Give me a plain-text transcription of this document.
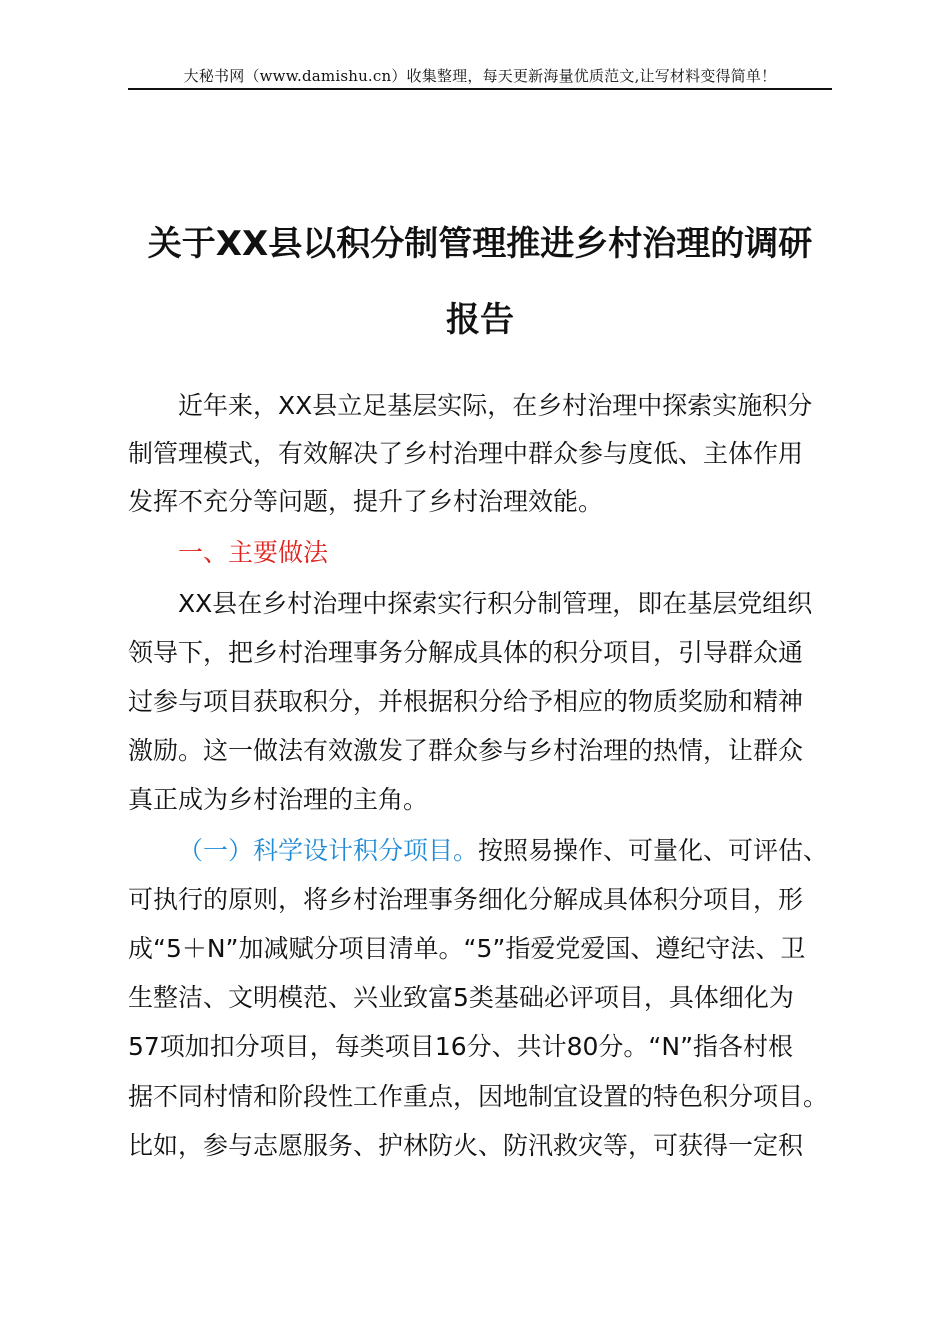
大秘书网（www.damishu.cn）收集整理，每天更新海量优质范文,让写材料变得简单！
关于XX县以积分制管理推进乡村治理的调研
报告
近年来，XX县立足基层实际，在乡村治理中探索实施积分
制管理模式，有效解决了乡村治理中群众参与度低、主体作用
发挥不充分等问题，提升了乡村治理效能。
一、主要做法
XX县在乡村治理中探索实行积分制管理，即在基层党组织
领导下，把乡村治理事务分解成具体的积分项目，引导群众通
过参与项目获取积分，并根据积分给予相应的物质奖励和精神
激励。这一做法有效激发了群众参与乡村治理的热情，让群众
真正成为乡村治理的主角。
（一）科学设计积分项目。按照易操作、可量化、可评估、
可执行的原则，将乡村治理事务细化分解成具体积分项目，形
成“5＋N”加减赋分项目清单。“5”指爱党爱国、遵纪守法、卫
生整洁、文明模范、兴业致富5类基础必评项目，具体细化为
57项加扣分项目，每类项目16分、共计80分。“N”指各村根
据不同村情和阶段性工作重点，因地制宜设置的特色积分项目。
比如，参与志愿服务、护林防火、防汛救灾等，可获得一定积
